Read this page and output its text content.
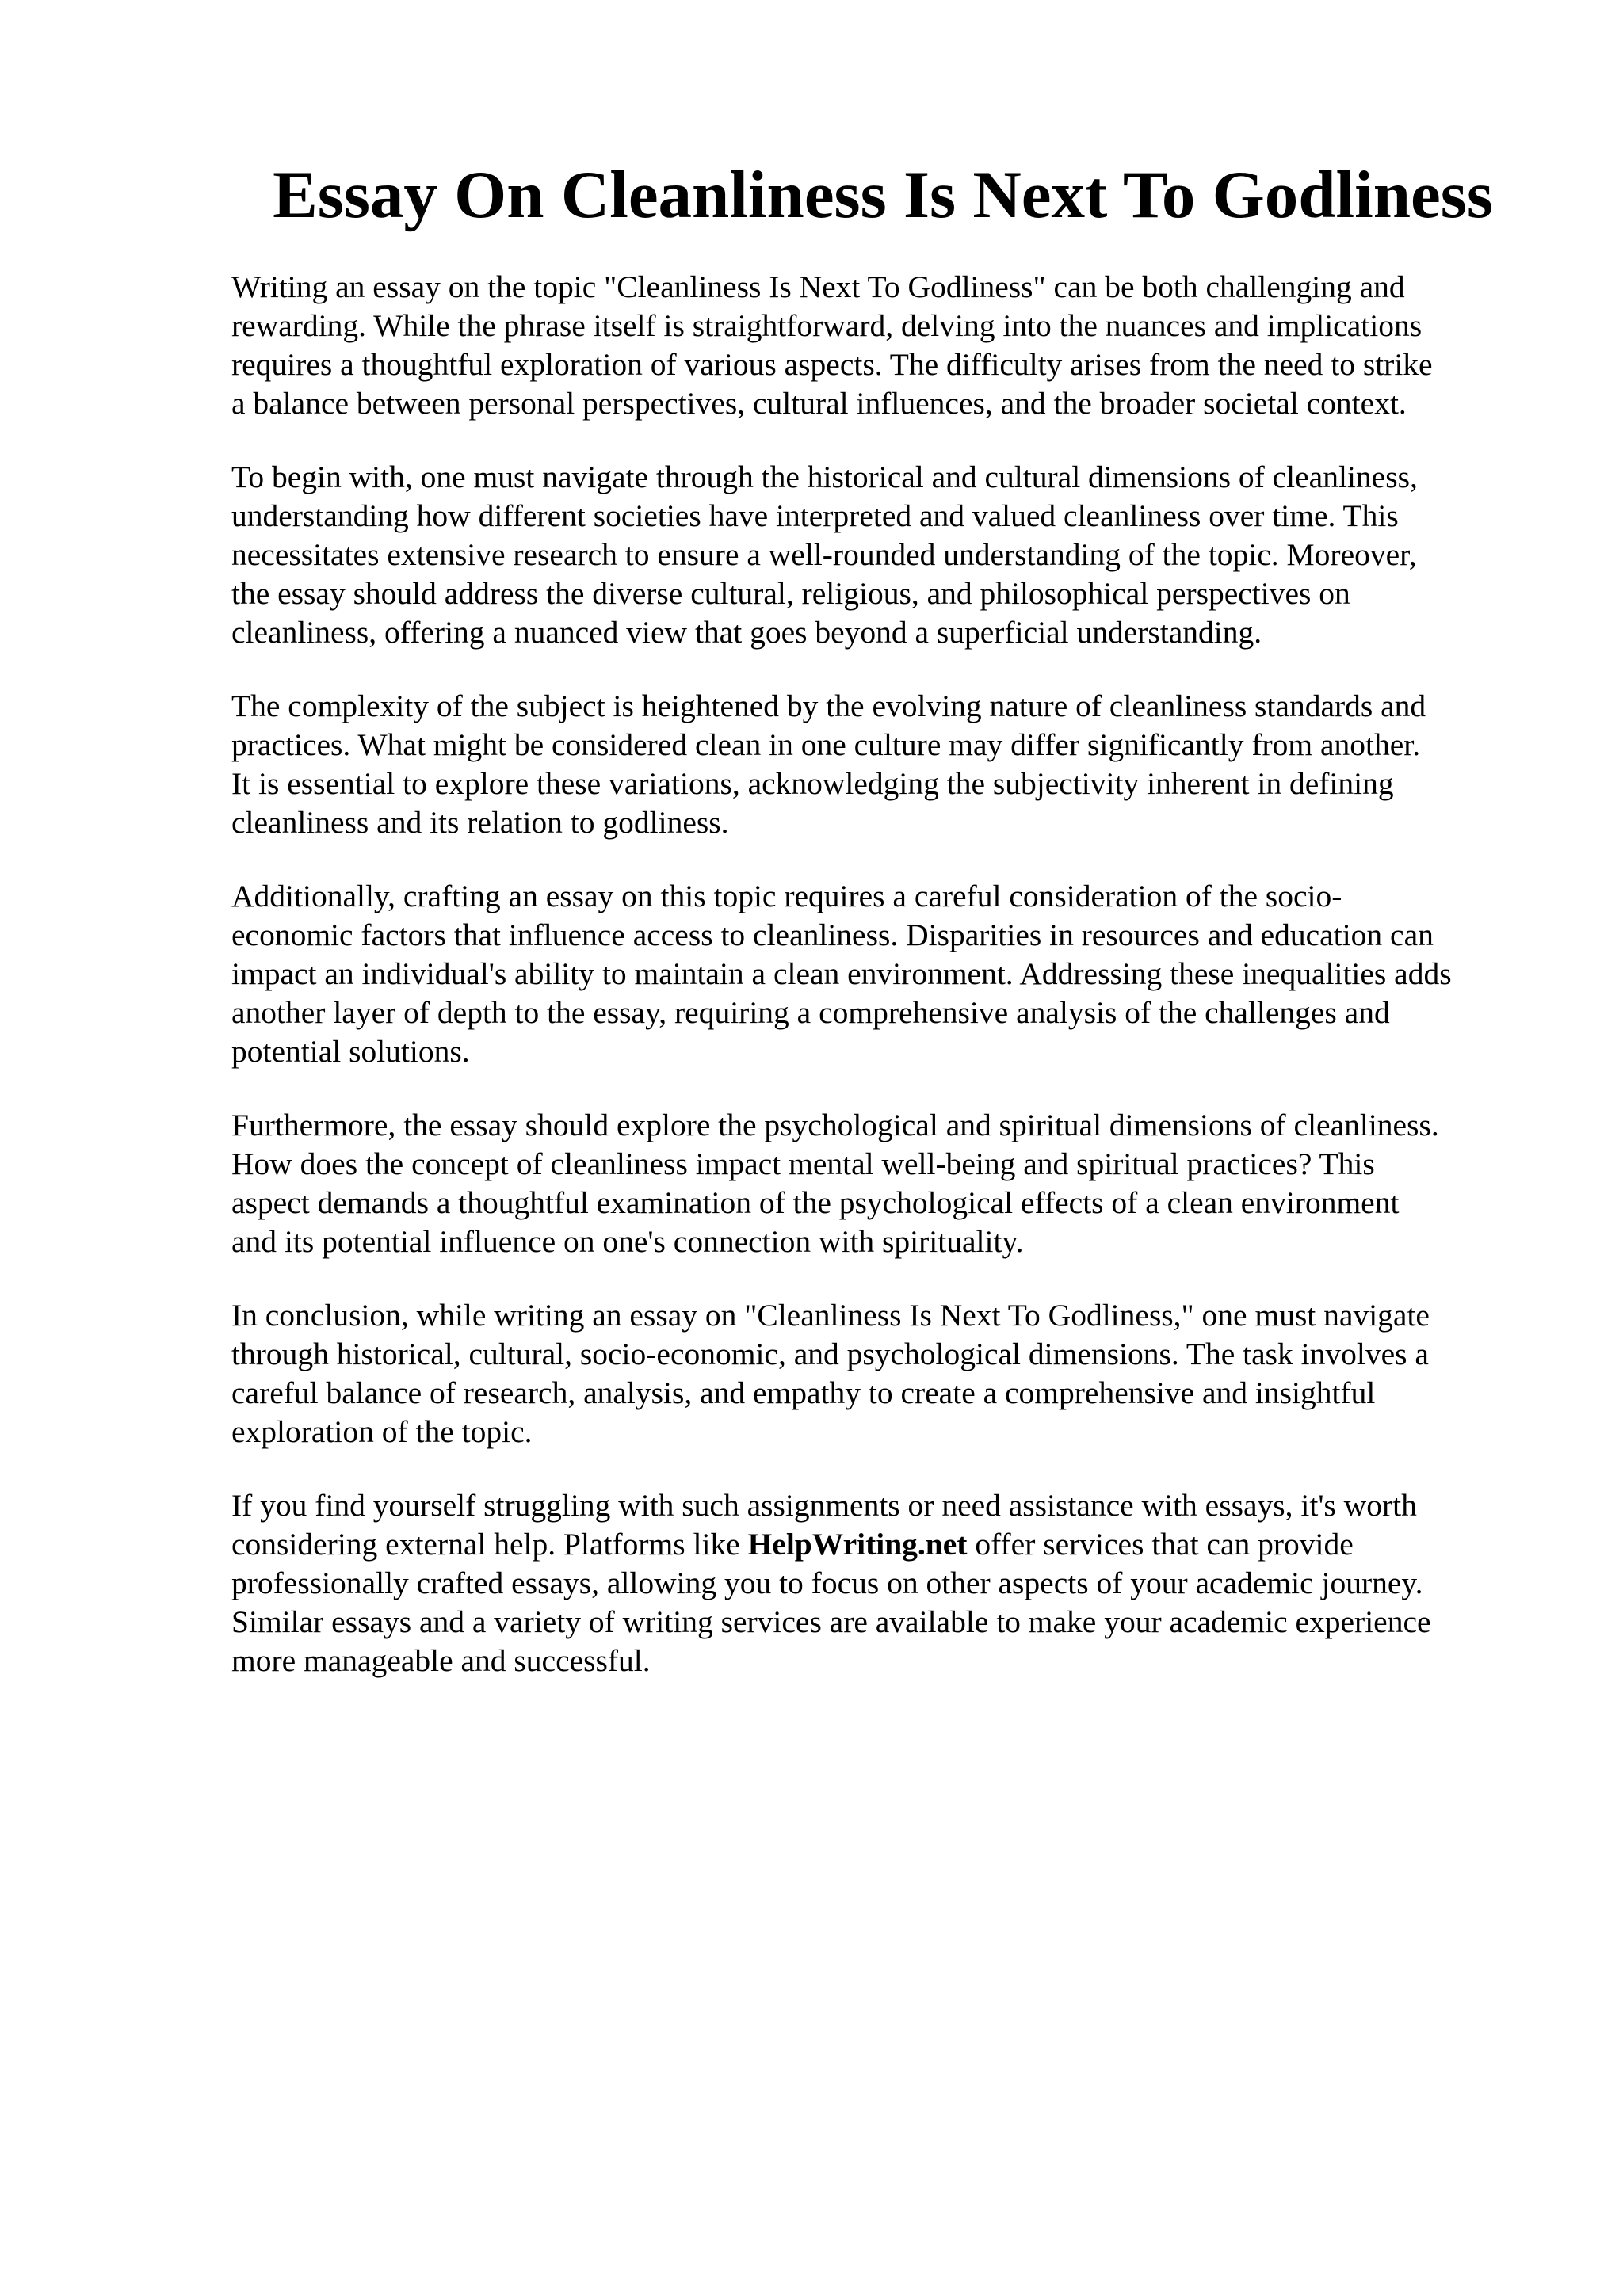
Essay On Cleanliness Is Next To Godliness

Writing an essay on the topic "Cleanliness Is Next To Godliness" can be both challenging and
rewarding. While the phrase itself is straightforward, delving into the nuances and implications
requires a thoughtful exploration of various aspects. The difficulty arises from the need to strike
a balance between personal perspectives, cultural influences, and the broader societal context.

To begin with, one must navigate through the historical and cultural dimensions of cleanliness,
understanding how different societies have interpreted and valued cleanliness over time. This
necessitates extensive research to ensure a well-rounded understanding of the topic. Moreover,
the essay should address the diverse cultural, religious, and philosophical perspectives on
cleanliness, offering a nuanced view that goes beyond a superficial understanding.

The complexity of the subject is heightened by the evolving nature of cleanliness standards and
practices. What might be considered clean in one culture may differ significantly from another.
It is essential to explore these variations, acknowledging the subjectivity inherent in defining
cleanliness and its relation to godliness.

Additionally, crafting an essay on this topic requires a careful consideration of the socio-
economic factors that influence access to cleanliness. Disparities in resources and education can
impact an individual's ability to maintain a clean environment. Addressing these inequalities adds
another layer of depth to the essay, requiring a comprehensive analysis of the challenges and
potential solutions.

Furthermore, the essay should explore the psychological and spiritual dimensions of cleanliness.
How does the concept of cleanliness impact mental well-being and spiritual practices? This
aspect demands a thoughtful examination of the psychological effects of a clean environment
and its potential influence on one's connection with spirituality.

In conclusion, while writing an essay on "Cleanliness Is Next To Godliness," one must navigate
through historical, cultural, socio-economic, and psychological dimensions. The task involves a
careful balance of research, analysis, and empathy to create a comprehensive and insightful
exploration of the topic.

If you find yourself struggling with such assignments or need assistance with essays, it's worth
considering external help. Platforms like HelpWriting.net offer services that can provide
professionally crafted essays, allowing you to focus on other aspects of your academic journey.
Similar essays and a variety of writing services are available to make your academic experience
more manageable and successful.
